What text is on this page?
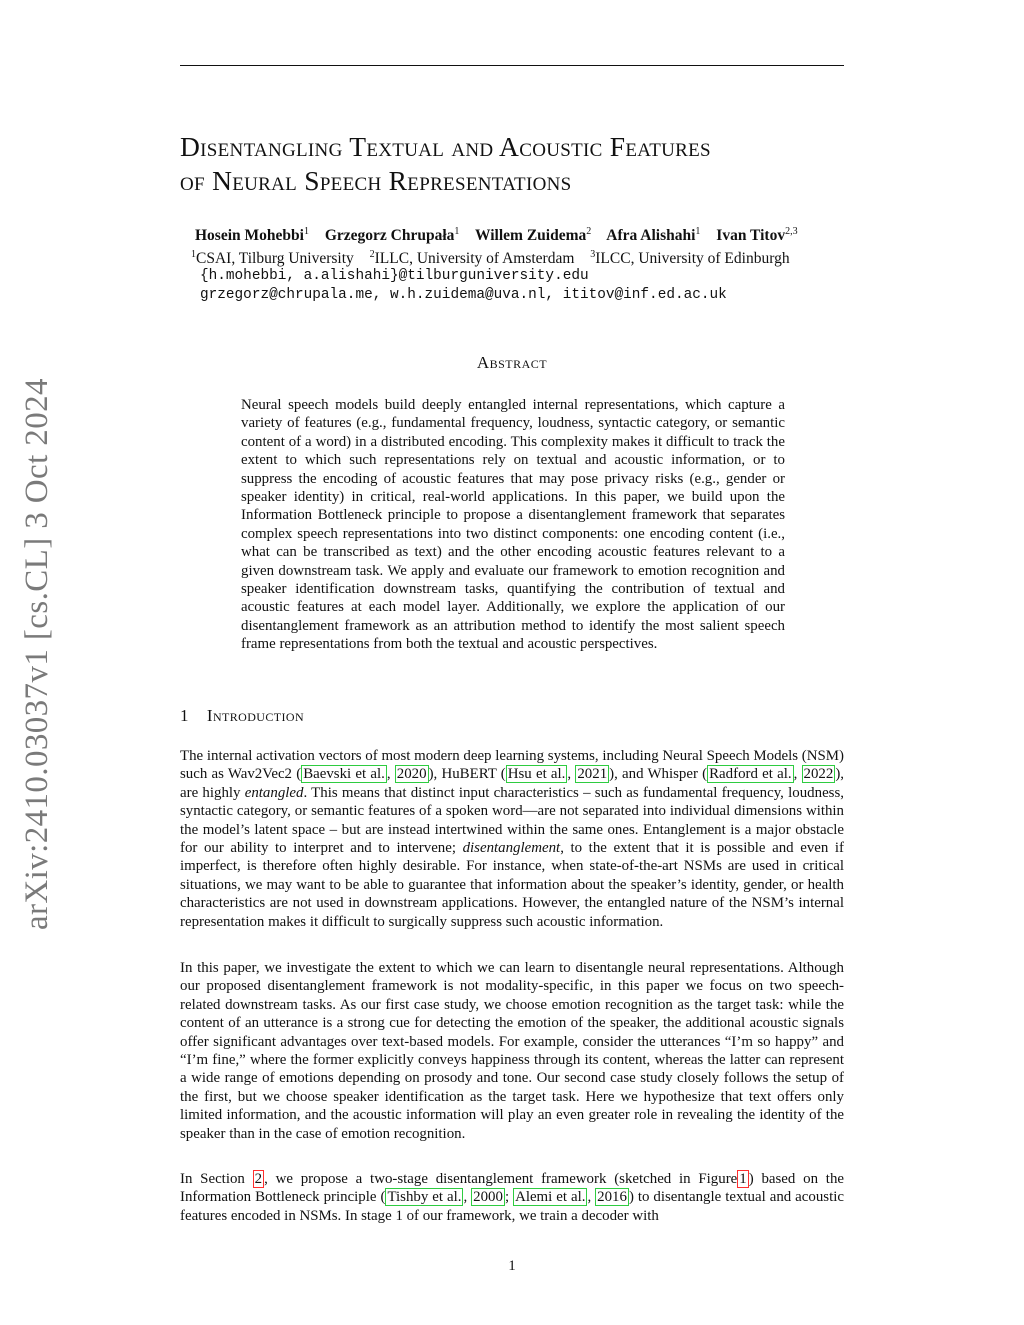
arXiv:2410.03037v1 [cs.CL] 3 Oct 2024
Disentangling Textual and Acoustic Features
of Neural Speech Representations
Hosein Mohebbi$^1$ Grzegorz Chrupała$^1$ Willem Zuidema$^2$ Afra Alishahi$^1$ Ivan Titov$^{2,3}$
$^1$CSAI, Tilburg University $^2$ILLC, University of Amsterdam $^3$ILCC, University of Edinburgh
{h.mohebbi, a.alishahi}@tilburguniversity.edu
grzegorz@chrupala.me, w.h.zuidema@uva.nl, ititov@inf.ed.ac.uk
Abstract
Neural speech models build deeply entangled internal representations, which capture a variety of features (e.g., fundamental frequency, loudness, syntactic category, or semantic content of a word) in a distributed encoding. This complexity makes it difficult to track the extent to which such representations rely on textual and acoustic information, or to suppress the encoding of acoustic features that may pose privacy risks (e.g., gender or speaker identity) in critical, real-world applications. In this paper, we build upon the Information Bottleneck principle to propose a disentanglement framework that separates complex speech representations into two distinct components: one encoding content (i.e., what can be transcribed as text) and the other encoding acoustic features relevant to a given downstream task. We apply and evaluate our framework to emotion recognition and speaker identification downstream tasks, quantifying the contribution of textual and acoustic features at each model layer. Additionally, we explore the application of our disentanglement framework as an attribution method to identify the most salient speech frame representations from both the textual and acoustic perspectives.
1 Introduction
The internal activation vectors of most modern deep learning systems, including Neural Speech Models (NSM) such as Wav2Vec2 ( Baevski et al. , 2020 ), HuBERT ( Hsu et al. , 2021 ), and Whisper ( Radford et al. , 2022 ), are highly entangled. This means that distinct input characteristics – such as fundamental frequency, loudness, syntactic category, or semantic features of a spoken word—are not separated into individual dimensions within the model’s latent space – but are instead intertwined within the same ones. Entanglement is a major obstacle for our ability to interpret and to intervene; disentanglement, to the extent that it is possible and even if imperfect, is therefore often highly desirable. For instance, when state-of-the-art NSMs are used in critical situations, we may want to be able to guarantee that information about the speaker’s identity, gender, or health characteristics are not used in downstream applications. However, the entangled nature of the NSM’s internal representation makes it difficult to surgically suppress such acoustic information.
In this paper, we investigate the extent to which we can learn to disentangle neural representations. Although our proposed disentanglement framework is not modality-specific, in this paper we focus on two speech-related downstream tasks. As our first case study, we choose emotion recognition as the target task: while the content of an utterance is a strong cue for detecting the emotion of the speaker, the additional acoustic signals offer significant advantages over text-based models. For example, consider the utterances “I’m so happy” and “I’m fine,” where the former explicitly conveys happiness through its content, whereas the latter can represent a wide range of emotions depending on prosody and tone. Our second case study closely follows the setup of the first, but we choose speaker identification as the target task. Here we hypothesize that text offers only limited information, and the acoustic information will play an even greater role in revealing the identity of the speaker than in the case of emotion recognition.
In Section 2 , we propose a two-stage disentanglement framework (sketched in Figure 1 ) based on the Information Bottleneck principle ( Tishby et al. , 2000 ; Alemi et al. , 2016 ) to disentangle textual and acoustic features encoded in NSMs. In stage 1 of our framework, we train a decoder with
1
